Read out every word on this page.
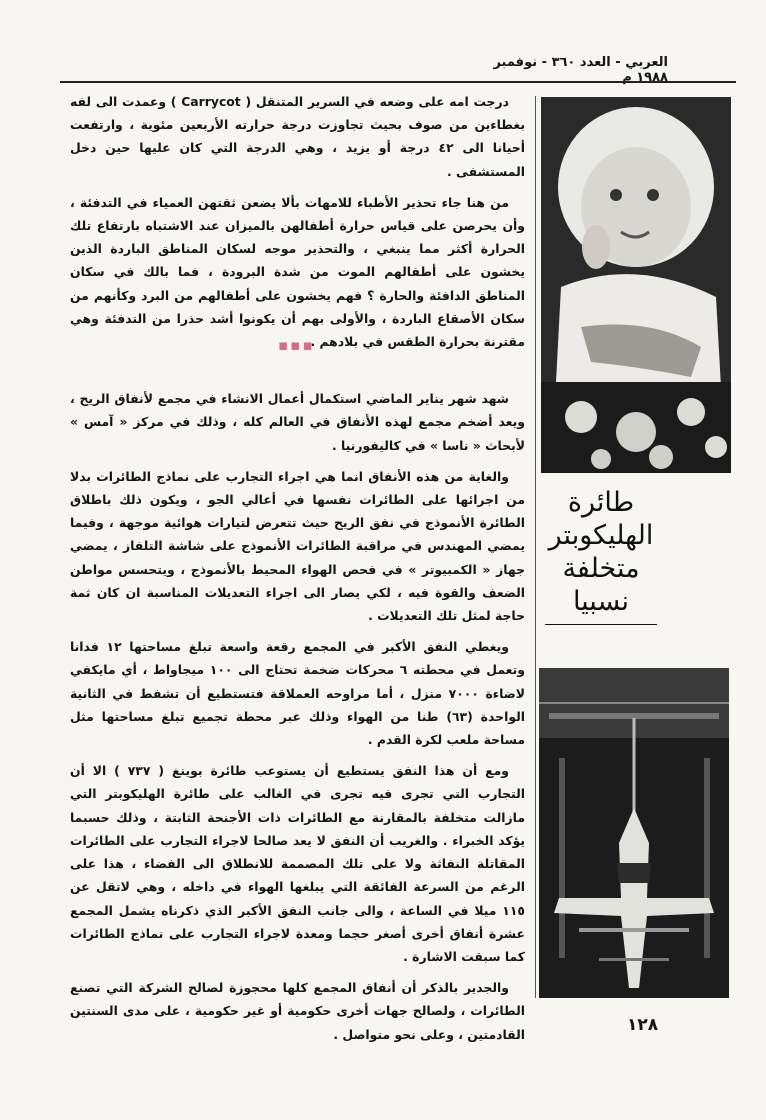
العربي - العدد ٣٦٠ - نوفمبر ١٩٨٨ م

درجت امه على وضعه في السرير المتنقل ( Carrycot ) وعمدت الى لفه بغطاءين من صوف بحيث تجاوزت درجة حرارته الأربعين مئوية ، وارتفعت أحيانا الى ٤٢ درجة أو يزيد ، وهي الدرجة التي كان عليها حين دخل المستشفى .

من هنا جاء تحذير الأطباء للامهات بألا يضعن ثقتهن العمياء في التدفئة ، وأن يحرصن على قياس حرارة أطفالهن بالميزان عند الاشتباه بارتفاع تلك الحرارة أكثر مما ينبغي ، والتحذير موجه لسكان المناطق الباردة الذين يخشون على أطفالهم الموت من شدة البرودة ، فما بالك في سكان المناطق الدافئة والحارة ؟ فهم يخشون على أطفالهم من البرد وكأنهم من سكان الأصقاع الباردة ، والأولى بهم أن يكونوا أشد حذرا من التدفئة وهي مقترنة بحرارة الطقس في بلادهم .

شهد شهر يناير الماضي استكمال أعمال الانشاء في مجمع لأنفاق الريح ، ويعد أضخم مجمع لهذه الأنفاق في العالم كله ، وذلك في مركز « آمس » لأبحاث « ناسا » في كاليفورنيا .

والغاية من هذه الأنفاق انما هي اجراء التجارب على نماذج الطائرات بدلا من اجرائها على الطائرات نفسها في أعالي الجو ، ويكون ذلك باطلاق الطائرة الأنموذج في نفق الريح حيث تتعرض لتيارات هوائية موجهة ، وفيما يمضي المهندس في مراقبة الطائرات الأنموذج على شاشة التلفاز ، يمضي جهاز « الكمبيوتر » في فحص الهواء المحيط بالأنموذج ، ويتحسس مواطن الضعف والقوة فيه ، لكي يصار الى اجراء التعديلات المناسبة ان كان ثمة حاجة لمثل تلك التعديلات .

ويغطي النفق الأكبر في المجمع رقعة واسعة تبلغ مساحتها ١٢ فدانا وتعمل في محطته ٦ محركات ضخمة تحتاج الى ١٠٠ ميجاواط ، أي مايكفي لاضاءة ٧٠٠٠ منزل ، أما مراوحه العملاقة فتستطيع أن تشفط في الثانية الواحدة (٦٣) طنا من الهواء وذلك عبر محطة تجميع تبلغ مساحتها مثل مساحة ملعب لكرة القدم .

ومع أن هذا النفق يستطيع أن يستوعب طائرة بوينغ ( ٧٣٧ ) الا أن التجارب التي تجرى فيه تجرى في الغالب على طائرة الهليكوبتر التي مازالت متخلفة بالمقارنة مع الطائرات ذات الأجنحة الثابتة ، وذلك حسبما يؤكد الخبراء . والغريب أن النفق لا يعد صالحا لاجراء التجارب على الطائرات المقاتلة النفاثة ولا على تلك المصممة للانطلاق الى الفضاء ، هذا على الرغم من السرعة الفائقة التي يبلغها الهواء في داخله ، وهي لاتقل عن ١١٥ ميلا في الساعة ، والى جانب النفق الأكبر الذي ذكرناه يشمل المجمع عشرة أنفاق أخرى أصغر حجما ومعدة لاجراء التجارب على نماذج الطائرات كما سبقت الاشارة .

والجدير بالذكر أن أنفاق المجمع كلها محجوزة لصالح الشركة التي تصنع الطائرات ، ولصالح جهات أخرى حكومية أو غير حكومية ، على مدى السنتين القادمتين ، وعلى نحو متواصل .

▪▪▪
طائرة
الهليكوبتر
متخلفة
نسبيا
١٢٨
